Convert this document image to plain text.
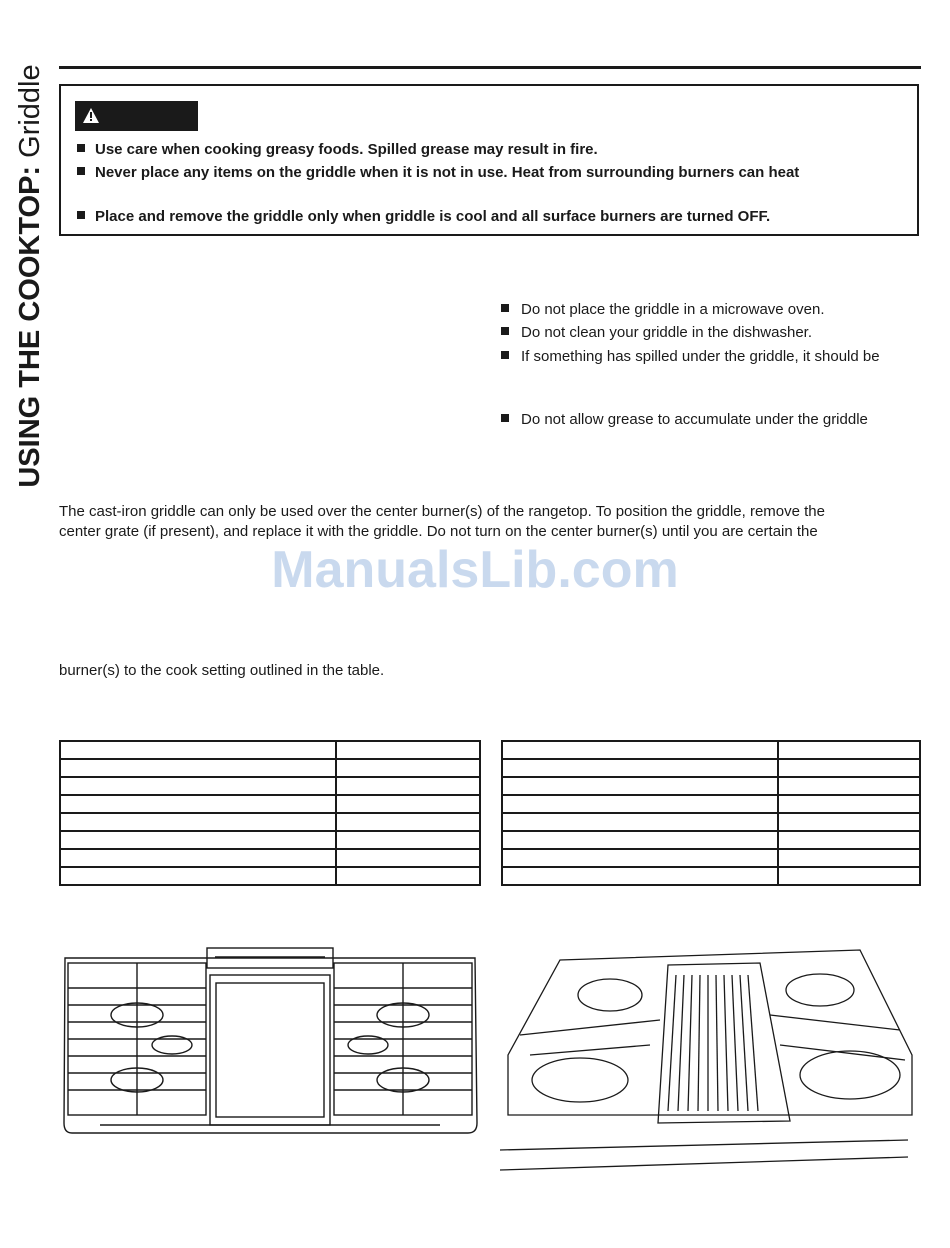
USING THE COOKTOP: Griddle	Use care when cooking greasy foods. Spilled grease may result in fire.
Never place any items on the griddle when it is not in use. Heat from surrounding burners can heat
Place and remove the griddle only when griddle is cool and all surface burners are turned OFF.
Do not place the griddle in a microwave oven.
Do not clean your griddle in the dishwasher.
If something has spilled under the griddle, it should be
Do not allow grease to accumulate under the griddle
The cast-iron griddle can only be used over the center burner(s) of the rangetop. To position the griddle, remove the
center grate (if present), and replace it with the griddle. Do not turn on the center burner(s) until you are certain the
burner(s) to the cook setting outlined in the table.
ManualsLib.com
